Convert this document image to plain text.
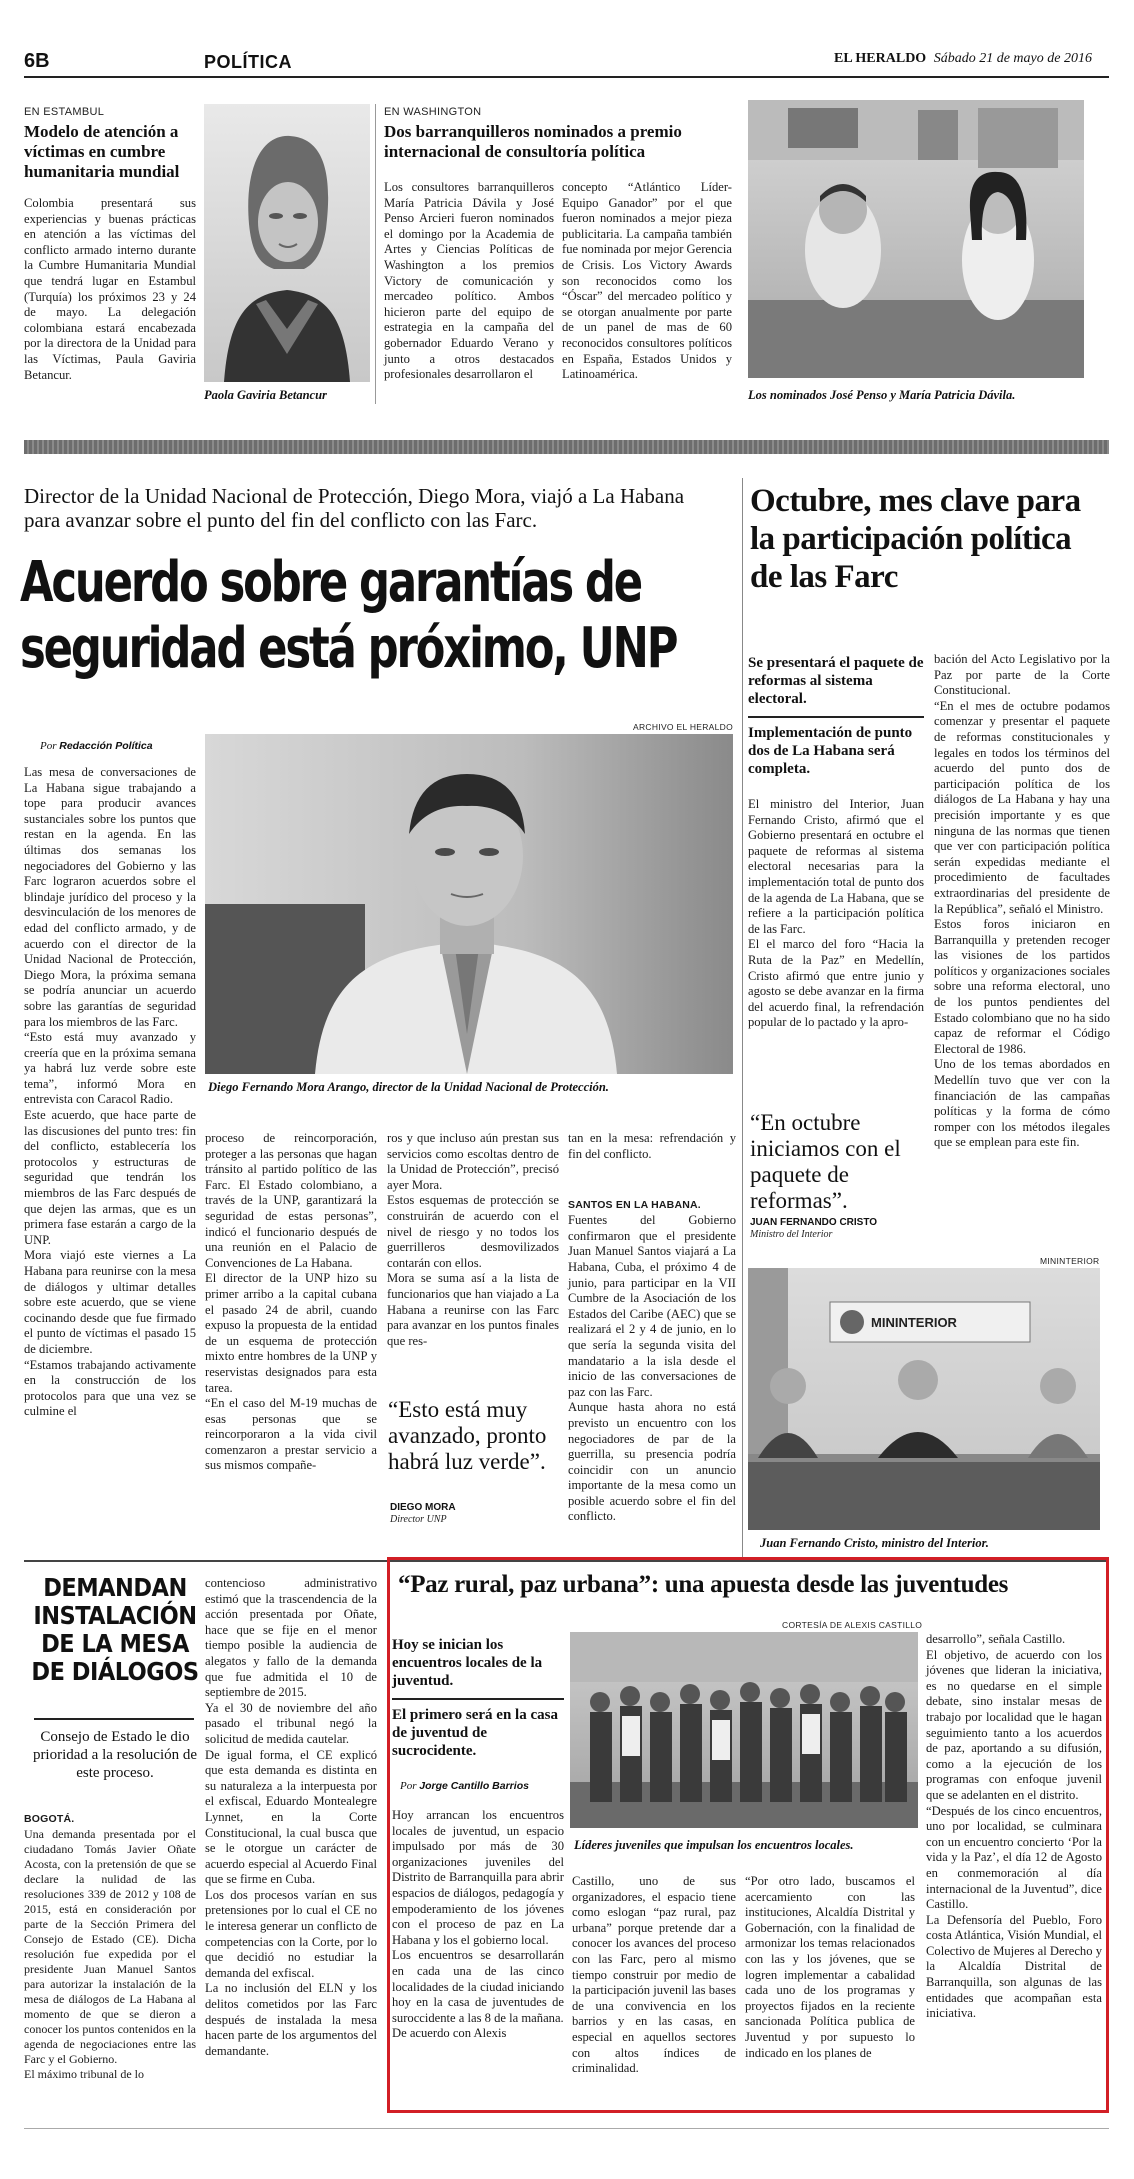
6B	POLÍTICA	EL HERALDO Sábado 21 de mayo de 2016
EN ESTAMBUL
Modelo de atención a víctimas en cumbre humanitaria mundial
Colombia presentará sus experiencias y buenas prácticas en atención a las víctimas del conflicto armado interno durante la Cumbre Humanitaria Mundial que tendrá lugar en Estambul (Turquía) los próximos 23 y 24 de mayo. La delegación colombiana estará encabezada por la directora de la Unidad para las Víctimas, Paula Gaviria Betancur.
Paola Gaviria Betancur
EN WASHINGTON
Dos barranquilleros nominados a premio internacional de consultoría política
Los consultores barranquilleros María Patricia Dávila y José Penso Arcieri fueron nominados el domingo por la Academia de Artes y Ciencias Políticas de Washington a los premios Victory de comunicación y mercadeo político. Ambos hicieron parte del equipo de estrategia en la campaña del gobernador Eduardo Verano y junto a otros destacados profesionales desarrollaron el
concepto “Atlántico Líder-Equipo Ganador” por el que fueron nominados a mejor pieza publicitaria. La campaña también fue nominada por mejor Gerencia de Crisis. Los Victory Awards son reconocidos como los “Óscar” del mercadeo político y se otorgan anualmente por parte de un panel de mas de 60 reconocidos consultores políticos en España, Estados Unidos y Latinoamérica.
Los nominados José Penso y María Patricia Dávila.
Director de la Unidad Nacional de Protección, Diego Mora, viajó a La Habana para avanzar sobre el punto del fin del conflicto con las Farc.
Acuerdo sobre garantías de seguridad está próximo, UNP
ARCHIVO EL HERALDO
Diego Fernando Mora Arango, director de la Unidad Nacional de Protección.
Por Redacción Política
Las mesa de conversaciones de La Habana sigue trabajando a tope para producir avances sustanciales sobre los puntos que restan en la agenda. En las últimas dos semanas los negociadores del Gobierno y las Farc lograron acuerdos sobre el blindaje jurídico del proceso y la desvinculación de los menores de edad del conflicto armado, y de acuerdo con el director de la Unidad Nacional de Protección, Diego Mora, la próxima semana se podría anunciar un acuerdo sobre las garantías de seguridad para los miembros de las Farc.
“Esto está muy avanzado y creería que en la próxima semana ya habrá luz verde sobre este tema”, informó Mora en entrevista con Caracol Radio.
Este acuerdo, que hace parte de las discusiones del punto tres: fin del conflicto, establecería los protocolos y estructuras de seguridad que tendrán los miembros de las Farc después de que dejen las armas, que es un primera fase estarán a cargo de la UNP.
Mora viajó este viernes a La Habana para reunirse con la mesa de diálogos y ultimar detalles sobre este acuerdo, que se viene cocinando desde que fue firmado el punto de víctimas el pasado 15 de diciembre.
“Estamos trabajando activamente en la construcción de los protocolos para que una vez se culmine el
proceso de reincorporación, proteger a las personas que hagan tránsito al partido político de las Farc. El Estado colombiano, a través de la UNP, garantizará la seguridad de estas personas”, indicó el funcionario después de una reunión en el Palacio de Convenciones de La Habana.
El director de la UNP hizo su primer arribo a la capital cubana el pasado 24 de abril, cuando expuso la propuesta de la entidad de un esquema de protección mixto entre hombres de la UNP y reservistas designados para esta tarea.
“En el caso del M-19 muchas de esas personas que se reincorporaron a la vida civil comenzaron a prestar servicio a sus mismos compañe-
ros y que incluso aún prestan sus servicios como escoltas dentro de la Unidad de Protección”, precisó ayer Mora.
Estos esquemas de protección se construirán de acuerdo con el nivel de riesgo y no todos los guerrilleros desmovilizados contarán con ellos.
Mora se suma así a la lista de funcionarios que han viajado a La Habana a reunirse con las Farc para avanzar en los puntos finales que res-
tan en la mesa: refrendación y fin del conflicto.

SANTOS EN LA HABANA.
Fuentes del Gobierno confirmaron que el presidente Juan Manuel Santos viajará a La Habana, Cuba, el próximo 4 de junio, para participar en la VII Cumbre de la Asociación de los Estados del Caribe (AEC) que se realizará el 2 y 4 de junio, en lo que sería la segunda visita del mandatario a la isla desde el inicio de las conversaciones de paz con las Farc.
Aunque hasta ahora no está previsto un encuentro con los negociadores de par de la guerrilla, su presencia podría coincidir con un anuncio importante de la mesa como un posible acuerdo sobre el fin del conflicto.

“Esto está muy avanzado, pronto habrá luz verde”.
DIEGO MORA
Director UNP
Octubre, mes clave para la participación política de las Farc
Se presentará el paquete de reformas al sistema electoral.
Implementación de punto dos de La Habana será completa.
El ministro del Interior, Juan Fernando Cristo, afirmó que el Gobierno presentará en octubre el paquete de reformas al sistema electoral necesarias para la implementación total de punto dos de la agenda de La Habana, que se refiere a la participación política de las Farc.
El el marco del foro “Hacia la Ruta de la Paz” en Medellín, Cristo afirmó que entre junio y agosto se debe avanzar en la firma del acuerdo final, la refrendación popular de lo pactado y la apro-
bación del Acto Legislativo por la Paz por parte de la Corte Constitucional.
“En el mes de octubre podamos comenzar y presentar el paquete de reformas constitucionales y legales en todos los términos del acuerdo del punto dos de participación política de los diálogos de La Habana y hay una precisión importante y es que ninguna de las normas que tienen que ver con participación política serán expedidas mediante el procedimiento de facultades extraordinarias del presidente de la República”, señaló el Ministro.
Estos foros iniciaron en Barranquilla y pretenden recoger las visiones de los partidos políticos y organizaciones sociales sobre una reforma electoral, uno de los puntos pendientes del Estado colombiano que no ha sido capaz de reformar el Código Electoral de 1986.
Uno de los temas abordados en Medellín tuvo que ver con la financiación de las campañas políticas y la forma de cómo romper con los métodos ilegales que se emplean para este fin.
“En octubre iniciamos con el paquete de reformas”.
JUAN FERNANDO CRISTO
Ministro del Interior
MININTERIOR
MININTERIOR
Juan Fernando Cristo, ministro del Interior.
DEMANDAN INSTALACIÓN DE LA MESA DE DIÁLOGOS
Consejo de Estado le dio prioridad a la resolución de este proceso.

BOGOTÁ.
Una demanda presentada por el ciudadano Tomás Javier Oñate Acosta, con la pretensión de que se declare la nulidad de las resoluciones 339 de 2012 y 108 de 2015, está en consideración por parte de la Sección Primera del Consejo de Estado (CE). Dicha resolución fue expedida por el presidente Juan Manuel Santos para autorizar la instalación de la mesa de diálogos de La Habana al momento de que se dieron a conocer los puntos contenidos en la agenda de negociaciones entre las Farc y el Gobierno.
El máximo tribunal de lo

contencioso administrativo estimó que la trascendencia de la acción presentada por Oñate, hace que se fije en el menor tiempo posible la audiencia de alegatos y fallo de la demanda que fue admitida el 10 de septiembre de 2015.
Ya el 30 de noviembre del año pasado el tribunal negó la solicitud de medida cautelar.
De igual forma, el CE explicó que esta demanda es distinta en su naturaleza a la interpuesta por el exfiscal, Eduardo Montealegre Lynnet, en la Corte Constitucional, la cual busca que se le otorgue un carácter de acuerdo especial al Acuerdo Final que se firme en Cuba.
Los dos procesos varían en sus pretensiones por lo cual el CE no le interesa generar un conflicto de competencias con la Corte, por lo que decidió no estudiar la demanda del exfiscal.
La no inclusión del ELN y los delitos cometidos por las Farc después de instalada la mesa hacen parte de los argumentos del demandante.
“Paz rural, paz urbana”: una apuesta desde las juventudes
CORTESÍA DE ALEXIS CASTILLO
Hoy se inician los encuentros locales de la juventud.
El primero será en la casa de juventud de sucrocidente.
Por Jorge Cantillo Barrios
Líderes juveniles que impulsan los encuentros locales.
Hoy arrancan los encuentros locales de juventud, un espacio impulsado por más de 30 organizaciones juveniles del Distrito de Barranquilla para abrir espacios de diálogos, pedagogía y empoderamiento de los jóvenes con el proceso de paz en La Habana y los el gobierno local.
Los encuentros se desarrollarán en cada una de las cinco localidades de la ciudad iniciando hoy en la casa de juventudes de suroccidente a las 8 de la mañana.
De acuerdo con Alexis
Castillo, uno de sus organizadores, el espacio tiene como eslogan “paz rural, paz urbana” porque pretende dar a conocer los avances del proceso con las Farc, pero al mismo tiempo construir por medio de la participación juvenil las bases de una convivencia en los barrios y en las casas, en especial en aquellos sectores con altos índices de criminalidad.
“Por otro lado, buscamos el acercamiento con las instituciones, Alcaldía Distrital y Gobernación, con la finalidad de armonizar los temas relacionados con las y los jóvenes, que se logren implementar a cabalidad cada uno de los programas y proyectos fijados en la reciente sancionada Política publica de Juventud y por supuesto lo indicado en los planes de
desarrollo”, señala Castillo.
El objetivo, de acuerdo con los jóvenes que lideran la iniciativa, es no quedarse en el simple debate, sino instalar mesas de trabajo por localidad que le hagan seguimiento tanto a los acuerdos de paz, aportando a su difusión, como a la ejecución de los programas con enfoque juvenil que se adelanten en el distrito.
“Después de los cinco encuentros, uno por localidad, se culminara con un encuentro concierto ‘Por la vida y la Paz’, el día 12 de Agosto en conmemoración al día internacional de la Juventud”, dice Castillo.
La Defensoría del Pueblo, Foro costa Atlántica, Visión Mundial, el Colectivo de Mujeres al Derecho y la Alcaldía Distrital de Barranquilla, son algunas de las entidades que acompañan esta iniciativa.
